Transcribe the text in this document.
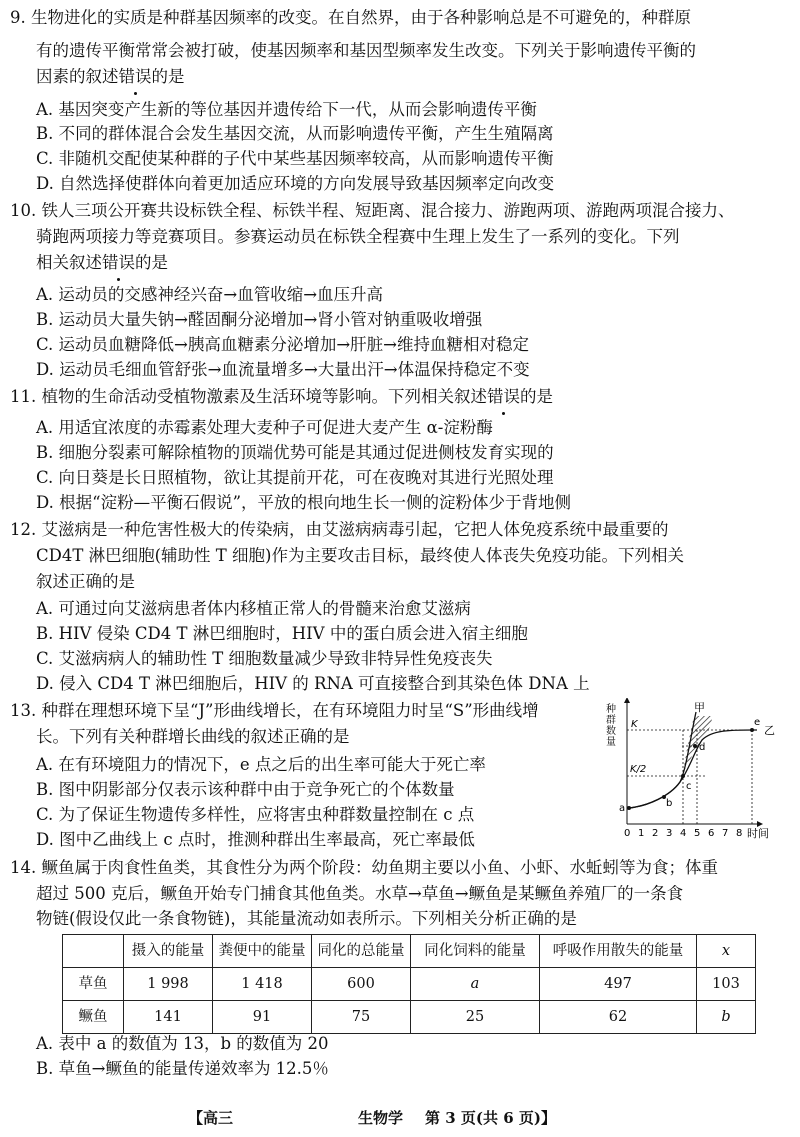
9. 生物进化的实质是种群基因频率的改变。在自然界，由于各种影响总是不可避免的，种群原
有的遗传平衡常常会被打破，使基因频率和基因型频率发生改变。下列关于影响遗传平衡的
因素的叙述错误的是
A. 基因突变产生新的等位基因并遗传给下一代，从而会影响遗传平衡
B. 不同的群体混合会发生基因交流，从而影响遗传平衡，产生生殖隔离
C. 非随机交配使某种群的子代中某些基因频率较高，从而影响遗传平衡
D. 自然选择使群体向着更加适应环境的方向发展导致基因频率定向改变
10. 铁人三项公开赛共设标铁全程、标铁半程、短距离、混合接力、游跑两项、游跑两项混合接力、
骑跑两项接力等竞赛项目。参赛运动员在标铁全程赛中生理上发生了一系列的变化。下列
相关叙述错误的是
A. 运动员的交感神经兴奋→血管收缩→血压升高
B. 运动员大量失钠→醛固酮分泌增加→肾小管对钠重吸收增强
C. 运动员血糖降低→胰高血糖素分泌增加→肝脏→维持血糖相对稳定
D. 运动员毛细血管舒张→血流量增多→大量出汗→体温保持稳定不变
11. 植物的生命活动受植物激素及生活环境等影响。下列相关叙述错误的是
A. 用适宜浓度的赤霉素处理大麦种子可促进大麦产生 α-淀粉酶
B. 细胞分裂素可解除植物的顶端优势可能是其通过促进侧枝发育实现的
C. 向日葵是长日照植物，欲让其提前开花，可在夜晚对其进行光照处理
D. 根据“淀粉—平衡石假说”，平放的根向地生长一侧的淀粉体少于背地侧
12. 艾滋病是一种危害性极大的传染病，由艾滋病病毒引起，它把人体免疫系统中最重要的
CD4T 淋巴细胞(辅助性 T 细胞)作为主要攻击目标，最终使人体丧失免疫功能。下列相关
叙述正确的是
A. 可通过向艾滋病患者体内移植正常人的骨髓来治愈艾滋病
B. HIV 侵染 CD4 T 淋巴细胞时，HIV 中的蛋白质会进入宿主细胞
C. 艾滋病病人的辅助性 T 细胞数量减少导致非特异性免疫丧失
D. 侵入 CD4 T 淋巴细胞后，HIV 的 RNA 可直接整合到其染色体 DNA 上
13. 种群在理想环境下呈“J”形曲线增长，在有环境阻力时呈“S”形曲线增
长。下列有关种群增长曲线的叙述正确的是
A. 在有环境阻力的情况下，e 点之后的出生率可能大于死亡率
B. 图中阴影部分仅表示该种群中由于竞争死亡的个体数量
C. 为了保证生物遗传多样性，应将害虫种群数量控制在 c 点
D. 图中乙曲线上 c 点时，推测种群出生率最高，死亡率最低
种
群
数
量
a	b
c
d
e
K
K/2
甲
乙
0 1 2 3 4 5 6 7 8 时间
14. 鳜鱼属于肉食性鱼类，其食性分为两个阶段：幼鱼期主要以小鱼、小虾、水蚯蚓等为食；体重
超过 500 克后，鳜鱼开始专门捕食其他鱼类。水草→草鱼→鳜鱼是某鳜鱼养殖厂的一条食
物链(假设仅此一条食物链)，其能量流动如表所示。下列相关分析正确的是
	摄入的能量	粪便中的能量	同化的总能量	同化饲料的能量	呼吸作用散失的能量	x
草鱼	1 998	1 418	600	a	497	103
鳜鱼	141	91	75	25	62	b
A. 表中 a 的数值为 13，b 的数值为 20
B. 草鱼→鳜鱼的能量传递效率为 12.5％
【高三	生物学 第 3 页(共 6 页)】
